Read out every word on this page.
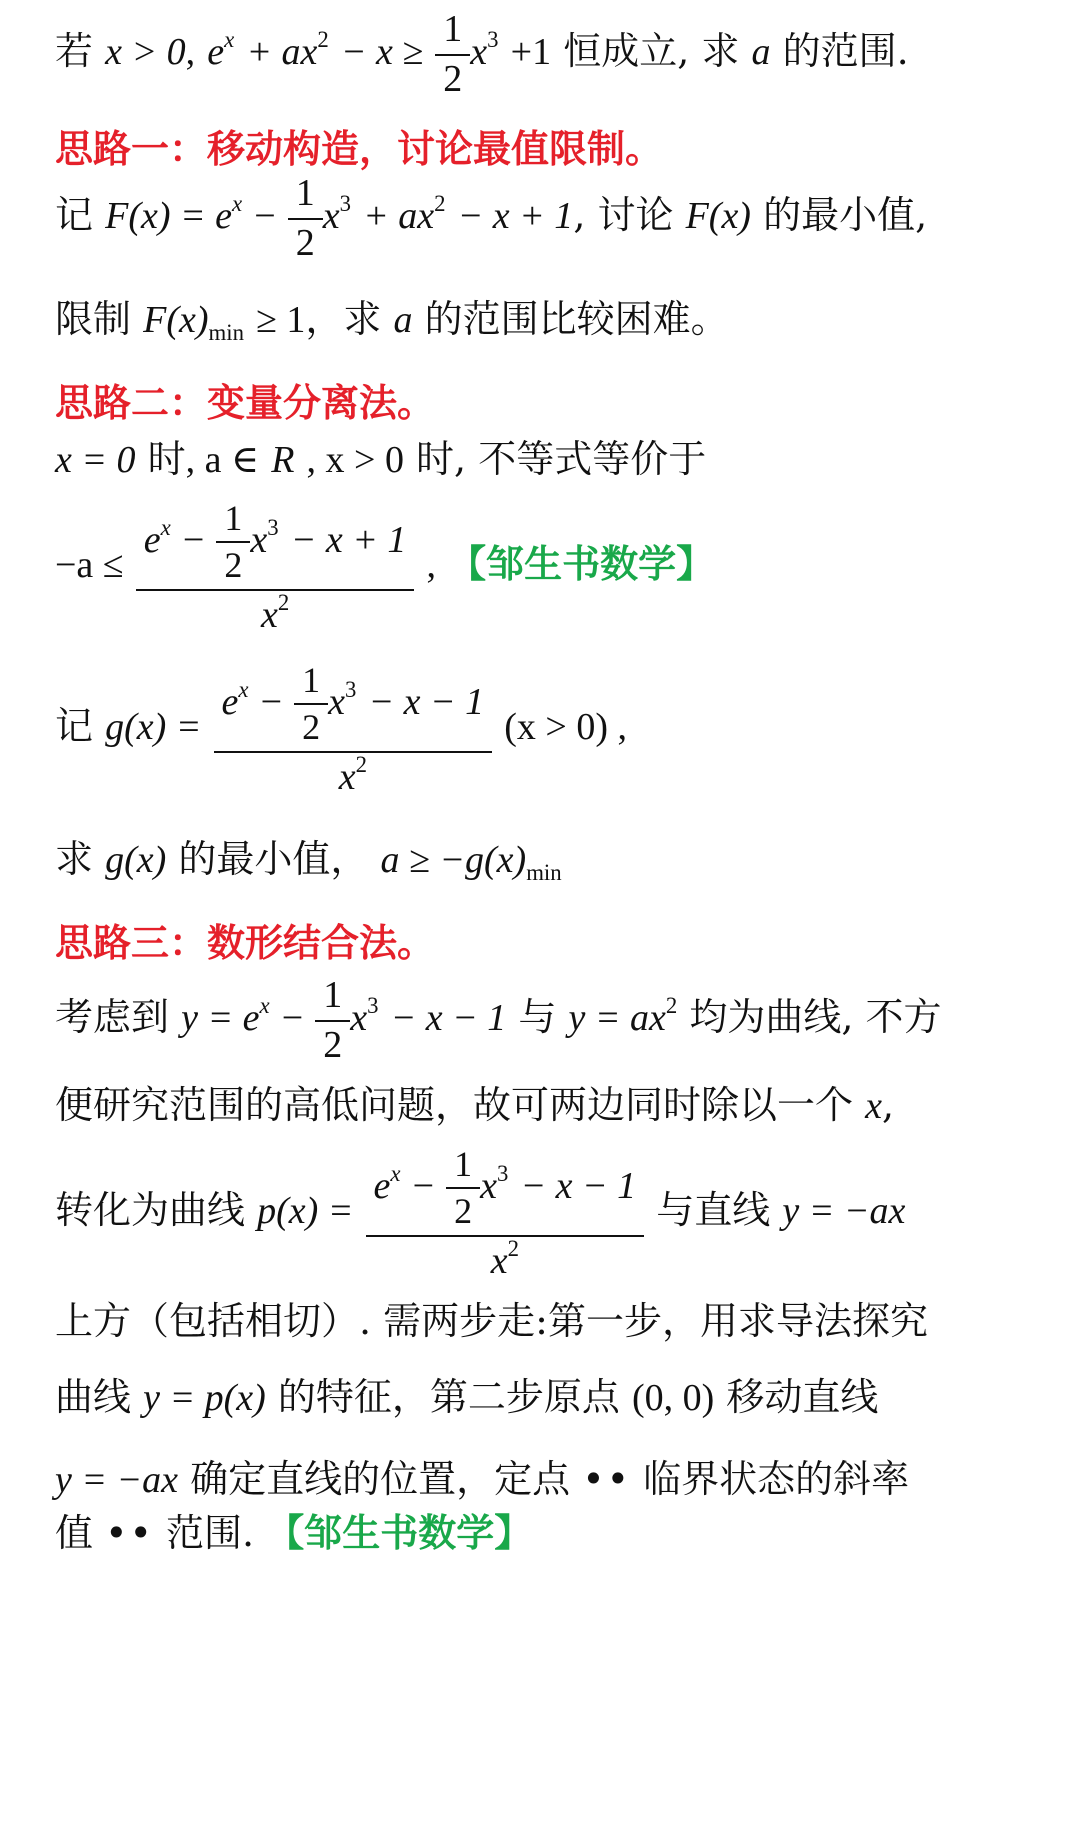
若 x > 0, $e^x + ax^2 - x \ge \frac{1}{2} x^3 +1$ 恒成立, 求 a 的范围.
思路一：移动构造，讨论最值限制。
记 $F(x) = e^x - \frac{1}{2} x^3 + ax^2 - x + 1$, 讨论 F(x) 的最小值,
限制 $F(x)_{min} \ge 1$，求 a 的范围比较困难。
思路二：变量分离法。
x = 0 时, a ∈ R , x > 0 时, 不等式等价于
$-a \le \frac{e^x - \frac{1}{2} x^3 - x + 1}{x^2}$ , 【邹生书数学】
记 $g(x) = \frac{e^x - \frac{1}{2} x^3 - x - 1}{x^2} (x > 0)$ ,
求 g(x) 的最小值， $a \ge -g(x)_{min}$
思路三：数形结合法。
考虑到 $y = e^x - \frac{1}{2} x^3 - x - 1$ 与 $y = ax^2$ 均为曲线, 不方
便研究范围的高低问题，故可两边同时除以一个 x,
转化为曲线 $p(x) = \frac{e^x - \frac{1}{2} x^3 - x - 1}{x^2}$ 与直线 y = −ax
上方（包括相切）. 需两步走:第一步，用求导法探究
曲线 y = p(x) 的特征，第二步原点 (0, 0) 移动直线
y = −ax 确定直线的位置，定点 •• 临界状态的斜率
值 •• 范围. 【邹生书数学】
